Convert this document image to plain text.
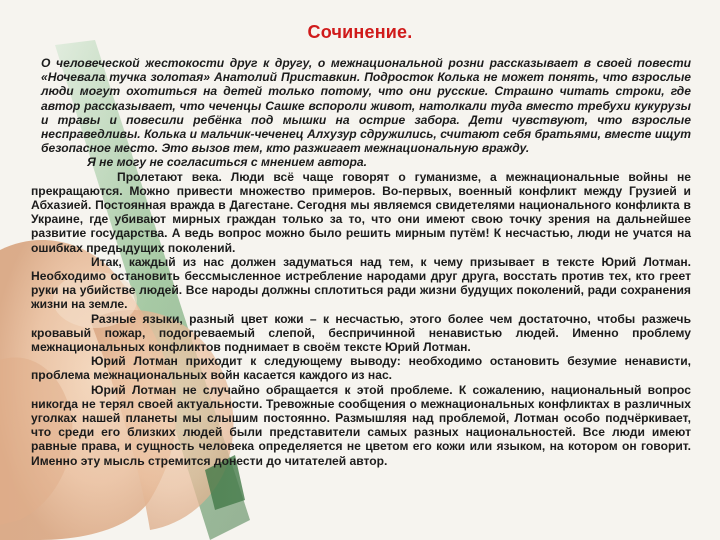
Сочинение.

О человеческой жестокости друг к другу, о межнациональной розни рассказывает в своей повести «Ночевала тучка золотая» Анатолий Приставкин. Подросток Колька не может понять, что взрослые люди могут охотиться на детей только потому, что они русские. Страшно читать строки, где автор рассказывает, что чеченцы Сашке вспороли живот, натолкали туда вместо требухи кукурузы и травы и повесили ребёнка под мышки на острие забора. Дети чувствуют, что взрослые несправедливы. Колька и мальчик-чеченец Алхузур сдружились, считают себя братьями, вместе ищут безопасное место. Это вызов тем, кто разжигает межнациональную вражду.

Я не могу не согласиться с мнением автора.

Пролетают века. Люди всё чаще говорят о гуманизме, а межнациональные войны не прекращаются. Можно привести множество примеров. Во-первых, военный конфликт между Грузией и Абхазией. Постоянная вражда в Дагестане. Сегодня мы являемся свидетелями национального конфликта в Украине, где убивают мирных граждан только за то, что они имеют свою точку зрения на дальнейшее развитие государства. А ведь вопрос можно было решить мирным путём! К несчастью, люди не учатся на ошибках предыдущих поколений.

Итак, каждый из нас должен задуматься над тем, к чему призывает в тексте Юрий Лотман. Необходимо остановить бессмысленное истребление народами друг друга, восстать против тех, кто греет руки на убийстве людей. Все народы должны сплотиться ради жизни будущих поколений, ради сохранения жизни на земле.

Разные языки, разный цвет кожи – к несчастью, этого более чем достаточно, чтобы разжечь кровавый пожар, подогреваемый слепой, беспричинной ненавистью людей. Именно проблему межнациональных конфликтов поднимает в своём тексте Юрий Лотман.

Юрий Лотман приходит к следующему выводу: необходимо остановить безумие ненависти, проблема межнациональных войн касается каждого из нас.

Юрий Лотман не случайно обращается к этой проблеме. К сожалению, национальный вопрос никогда не терял своей актуальности. Тревожные сообщения о межнациональных конфликтах в различных уголках нашей планеты мы слышим постоянно. Размышляя над проблемой, Лотман особо подчёркивает, что среди его близких людей были представители самых разных национальностей. Все люди имеют равные права, и сущность человека определяется не цветом его кожи или языком, на котором он говорит. Именно эту мысль стремится донести до читателей автор.
